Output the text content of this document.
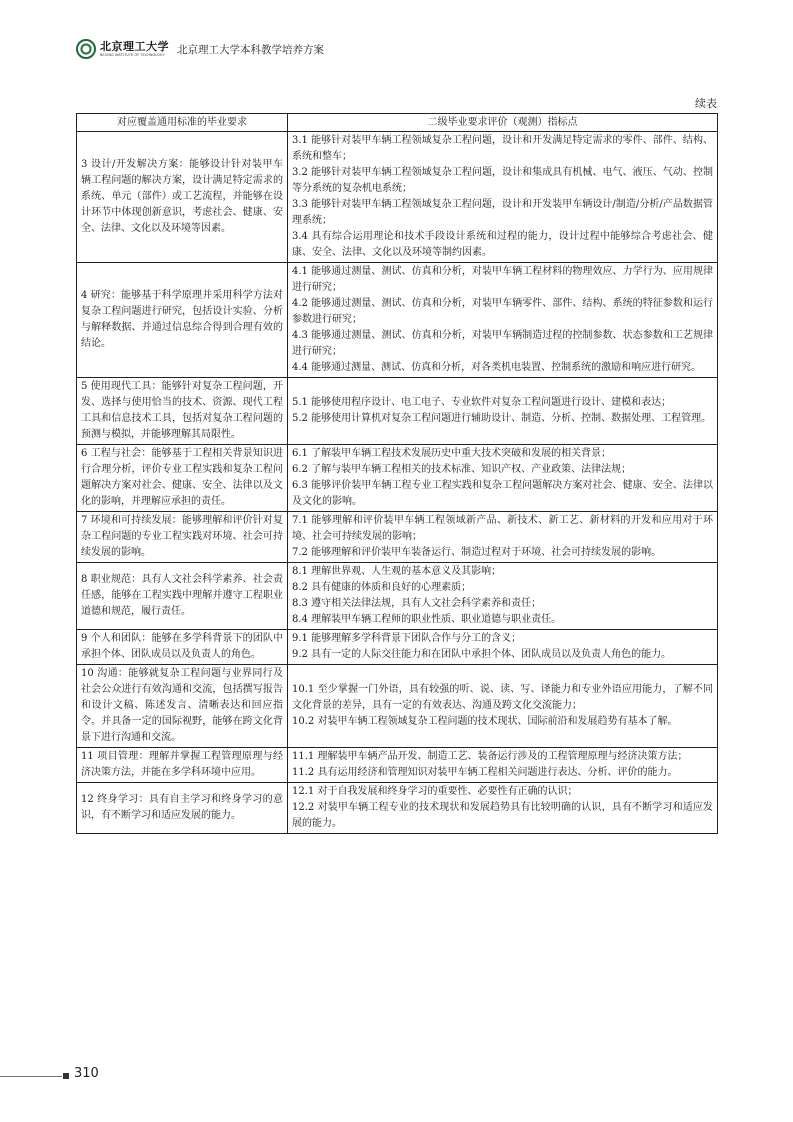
北京理工大学
BEIJING INSTITUTE OF TECHNOLOGY	北京理工大学本科教学培养方案
续表
对应覆盖通用标准的毕业要求	二级毕业要求评价（观测）指标点
3 设计/开发解决方案：能够设计针对装甲车辆工程问题的解决方案，设计满足特定需求的系统、单元（部件）或工艺流程，并能够在设计环节中体现创新意识，考虑社会、健康、安全、法律、文化以及环境等因素。	3.1 能够针对装甲车辆工程领域复杂工程问题，设计和开发满足特定需求的零件、部件、结构、系统和整车；
3.2 能够针对装甲车辆工程领域复杂工程问题，设计和集成具有机械、电气、液压、气动、控制等分系统的复杂机电系统；
3.3 能够针对装甲车辆工程领域复杂工程问题，设计和开发装甲车辆设计/制造/分析/产品数据管理系统；
3.4 具有综合运用理论和技术手段设计系统和过程的能力，设计过程中能够综合考虑社会、健康、安全、法律、文化以及环境等制约因素。

4 研究：能够基于科学原理并采用科学方法对复杂工程问题进行研究，包括设计实验、分析与解释数据、并通过信息综合得到合理有效的结论。	4.1 能够通过测量、测试、仿真和分析，对装甲车辆工程材料的物理效应、力学行为、应用规律进行研究；
4.2 能够通过测量、测试、仿真和分析，对装甲车辆零件、部件、结构、系统的特征参数和运行参数进行研究；
4.3 能够通过测量、测试、仿真和分析，对装甲车辆制造过程的控制参数、状态参数和工艺规律进行研究；
4.4 能够通过测量、测试、仿真和分析，对各类机电装置、控制系统的激励和响应进行研究。

5 使用现代工具：能够针对复杂工程问题，开发、选择与使用恰当的技术、资源、现代工程工具和信息技术工具，包括对复杂工程问题的预测与模拟，并能够理解其局限性。	5.1 能够使用程序设计、电工电子、专业软件对复杂工程问题进行设计、建模和表达；
5.2 能够使用计算机对复杂工程问题进行辅助设计、制造、分析、控制、数据处理、工程管理。

6 工程与社会：能够基于工程相关背景知识进行合理分析，评价专业工程实践和复杂工程问题解决方案对社会、健康、安全、法律以及文化的影响，并理解应承担的责任。	6.1 了解装甲车辆工程技术发展历史中重大技术突破和发展的相关背景；
6.2 了解与装甲车辆工程相关的技术标准、知识产权、产业政策、法律法规；
6.3 能够评价装甲车辆工程专业工程实践和复杂工程问题解决方案对社会、健康、安全、法律以及文化的影响。

7 环境和可持续发展：能够理解和评价针对复杂工程问题的专业工程实践对环境、社会可持续发展的影响。	7.1 能够理解和评价装甲车辆工程领域新产品、新技术、新工艺、新材料的开发和应用对于环境、社会可持续发展的影响；
7.2 能够理解和评价装甲车装备运行、制造过程对于环境、社会可持续发展的影响。

8 职业规范：具有人文社会科学素养、社会责任感，能够在工程实践中理解并遵守工程职业道德和规范，履行责任。	8.1 理解世界观、人生观的基本意义及其影响；
8.2 具有健康的体质和良好的心理素质；
8.3 遵守相关法律法规，具有人文社会科学素养和责任；
8.4 理解装甲车辆工程师的职业性质、职业道德与职业责任。

9 个人和团队：能够在多学科背景下的团队中承担个体、团队成员以及负责人的角色。	9.1 能够理解多学科背景下团队合作与分工的含义；
9.2 具有一定的人际交往能力和在团队中承担个体、团队成员以及负责人角色的能力。

10 沟通：能够就复杂工程问题与业界同行及社会公众进行有效沟通和交流，包括撰写报告和设计文稿、陈述发言、清晰表达和回应指令。并具备一定的国际视野，能够在跨文化背景下进行沟通和交流。	10.1 至少掌握一门外语，具有较强的听、说、读、写、译能力和专业外语应用能力，了解不同文化背景的差异，具有一定的有效表达、沟通及跨文化交流能力；
10.2 对装甲车辆工程领域复杂工程问题的技术现状、国际前沿和发展趋势有基本了解。

11 项目管理：理解并掌握工程管理原理与经济决策方法，并能在多学科环境中应用。	11.1 理解装甲车辆产品开发、制造工艺、装备运行涉及的工程管理原理与经济决策方法；
11.2 具有运用经济和管理知识对装甲车辆工程相关问题进行表达、分析、评价的能力。

12 终身学习：具有自主学习和终身学习的意识，有不断学习和适应发展的能力。	12.1 对于自我发展和终身学习的重要性、必要性有正确的认识；
12.2 对装甲车辆工程专业的技术现状和发展趋势具有比较明确的认识，具有不断学习和适应发展的能力。
310
